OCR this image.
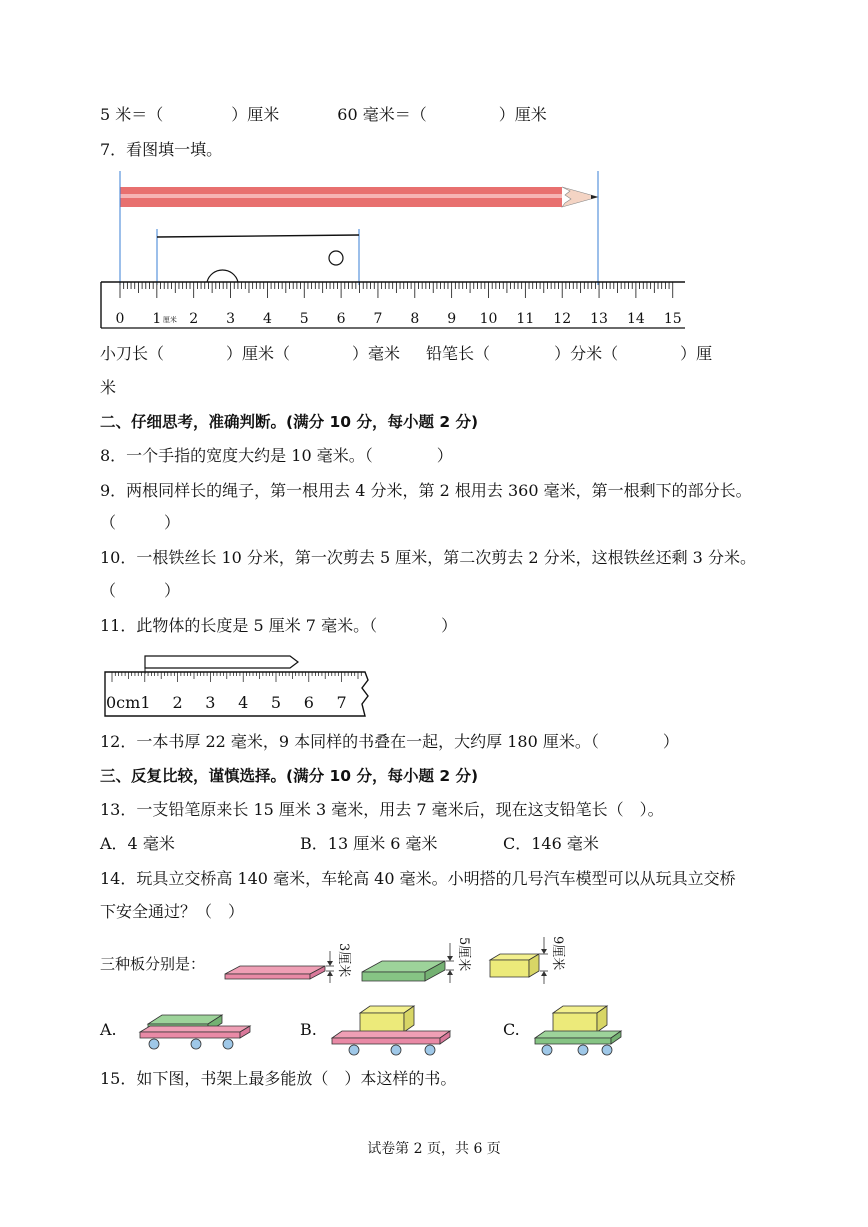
5 米＝（	）厘米	60 毫米＝（	）厘米
7．看图填一填。
0 1 2 3 4 5 6 7 8 9 10 11 12 13 14 15
厘米
小刀长（	）厘米（	）毫米 铅笔长（	）分米（	）厘
米
二、仔细思考，准确判断。(满分 10 分，每小题 2 分)
8．一个手指的宽度大约是 10 毫米。（　　　　）
9．两根同样长的绳子，第一根用去 4 分米，第 2 根用去 360 毫米，第一根剩下的部分长。
（　　　）
10．一根铁丝长 10 分米，第一次剪去 5 厘米，第二次剪去 2 分米，这根铁丝还剩 3 分米。
（　　　）
11．此物体的长度是 5 厘米 7 毫米。（　　　　）
0cm1 2 3 4 5 6 7
12．一本书厚 22 毫米，9 本同样的书叠在一起，大约厚 180 厘米。（　　　　）
三、反复比较，谨慎选择。(满分 10 分，每小题 2 分)
13．一支铅笔原来长 15 厘米 3 毫米，用去 7 毫米后，现在这支铅笔长（　）。
A．4 毫米	B．13 厘米 6 毫米	C．146 毫米
14．玩具立交桥高 140 毫米，车轮高 40 毫米。小明搭的几号汽车模型可以从玩具立交桥
下安全通过？（　）
三种板分别是：	3厘米	5厘米	9厘米
A.	B.	C.
15．如下图，书架上最多能放（　）本这样的书。
试卷第 2 页，共 6 页
